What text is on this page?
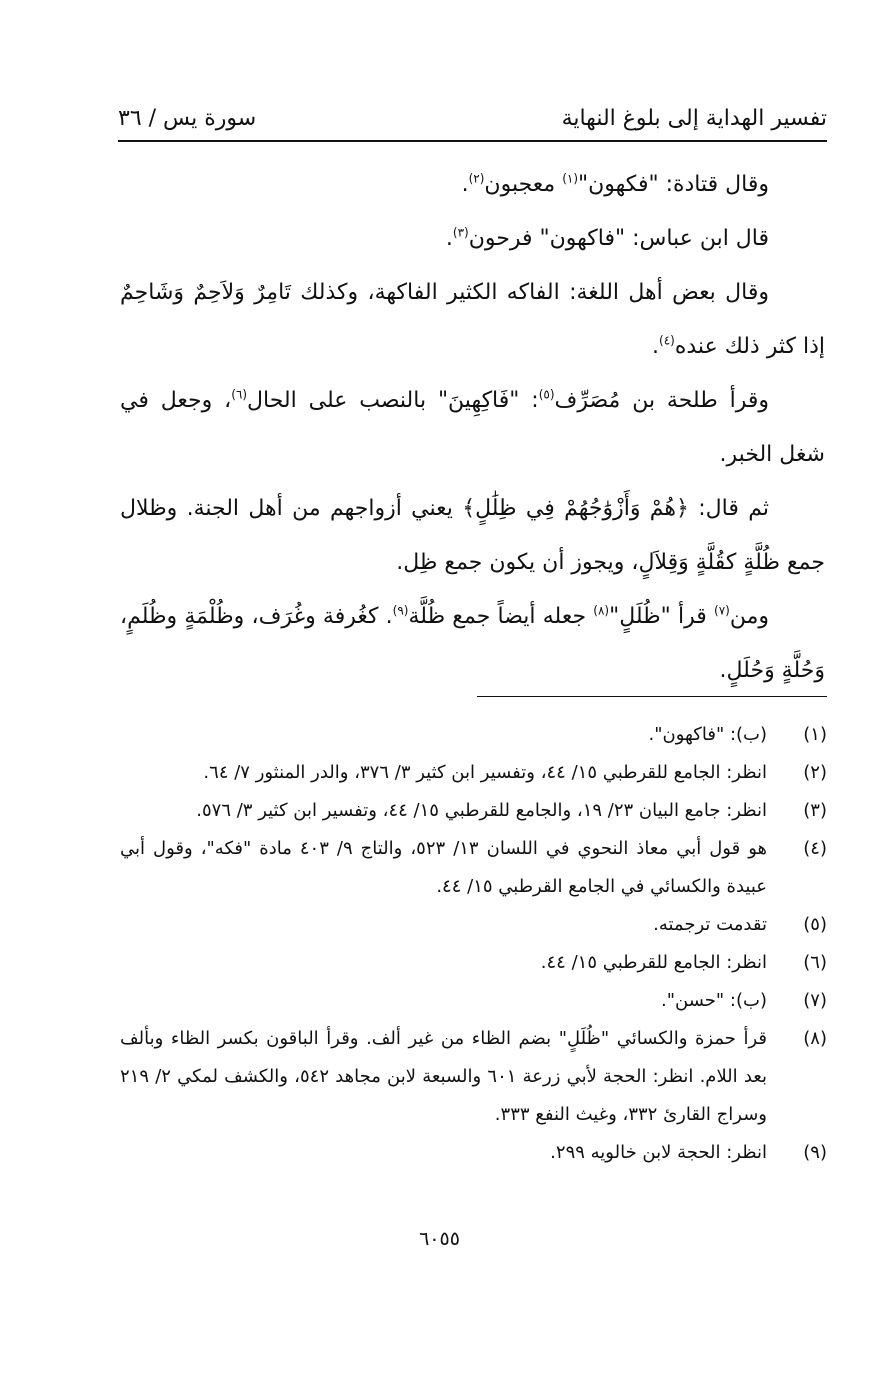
تفسير الهداية إلى بلوغ النهاية
سورة يس / ٣٦

وقال قتادة: "فكهون"$^{(١)}$ معجبون$^{(٢)}$.

قال ابن عباس: "فاكهون" فرحون$^{(٣)}$.

وقال بعض أهل اللغة: الفاكه الكثير الفاكهة، وكذلك تَامِرٌ وَلاَحِمٌ وَشَاحِمٌ إذا كثر ذلك عنده$^{(٤)}$.

وقرأ طلحة بن مُصَرِّف$^{(٥)}$: "فَاكِهِينَ" بالنصب على الحال$^{(٦)}$، وجعل في شغل الخبر.

ثم قال: ﴿هُمْ وَأَزْوَٰجُهُمْ فِي ظِلَٰلٍ﴾ يعني أزواجهم من أهل الجنة. وظلال جمع ظُلَّةٍ كقُلَّةٍ وَقِلاَلٍ، ويجوز أن يكون جمع ظِل.

ومن$^{(٧)}$ قرأ "ظُلَلٍ"$^{(٨)}$ جعله أيضاً جمع ظُلَّة$^{(٩)}$. كغُرفة وغُرَف، وظُلْمَةٍ وظُلَمٍ، وَحُلَّةٍ وَحُلَلٍ.

(١)
(ب): "فاكهون".
(٢)
انظر: الجامع للقرطبي ١٥/ ٤٤، وتفسير ابن كثير ٣/ ٣٧٦، والدر المنثور ٧/ ٦٤.
(٣)
انظر: جامع البيان ٢٣/ ١٩، والجامع للقرطبي ١٥/ ٤٤، وتفسير ابن كثير ٣/ ٥٧٦.
(٤)
هو قول أبي معاذ النحوي في اللسان ١٣/ ٥٢٣، والتاج ٩/ ٤٠٣ مادة "فكه"، وقول أبي عبيدة والكسائي في الجامع القرطبي ١٥/ ٤٤.
(٥)
تقدمت ترجمته.
(٦)
انظر: الجامع للقرطبي ١٥/ ٤٤.
(٧)
(ب): "حسن".
(٨)
قرأ حمزة والكسائي "ظُلَلٍ" بضم الظاء من غير ألف. وقرأ الباقون بكسر الظاء وبألف بعد اللام. انظر: الحجة لأبي زرعة ٦٠١ والسبعة لابن مجاهد ٥٤٢، والكشف لمكي ٢/ ٢١٩ وسراج القارئ ٣٣٢، وغيث النفع ٣٣٣.
(٩)
انظر: الحجة لابن خالويه ٢٩٩.
٦٠٥٥
